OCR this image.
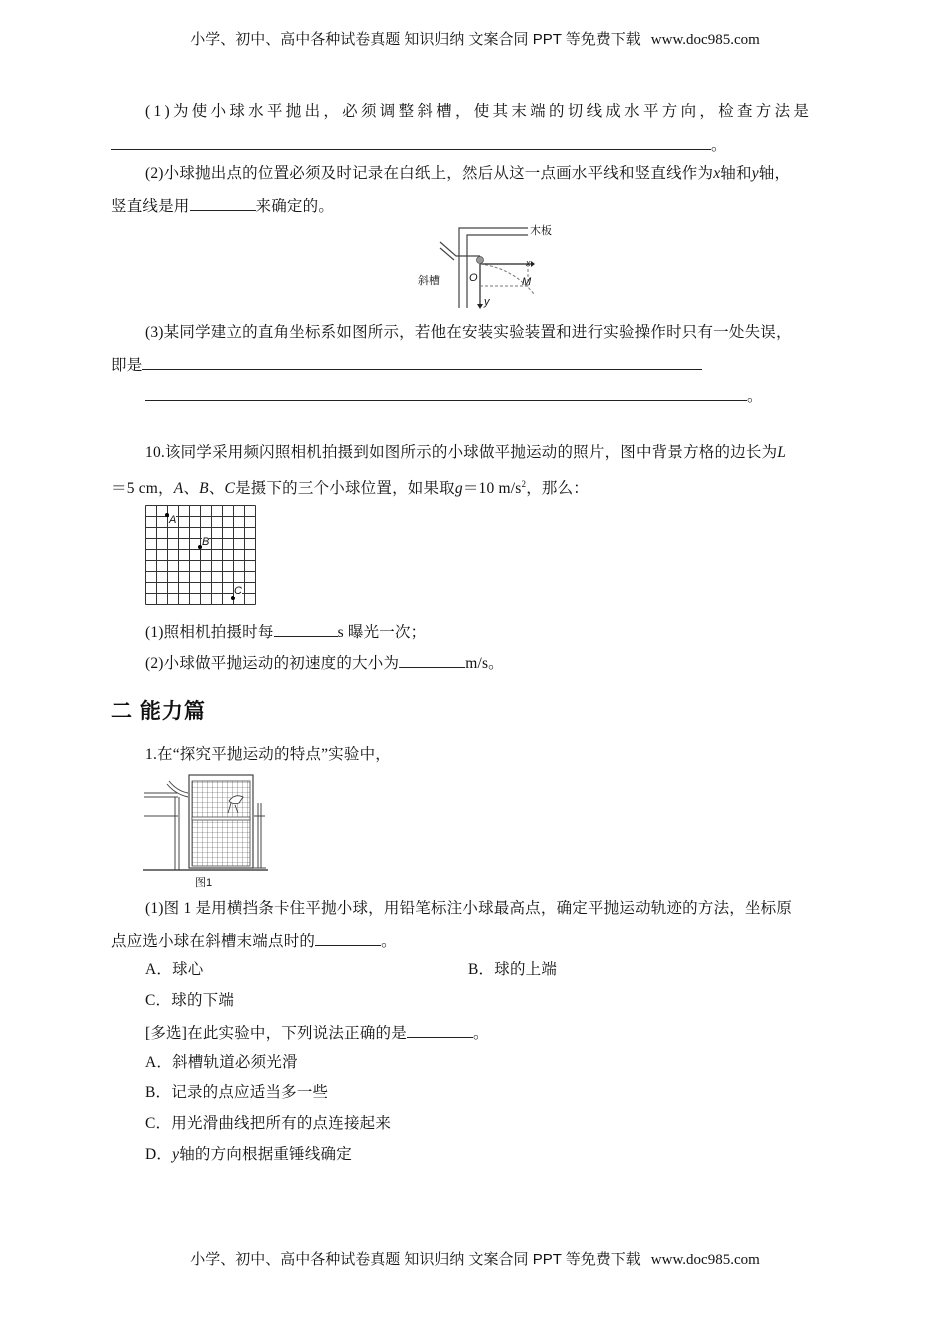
小学、初中、高中各种试卷真题 知识归纳 文案合同 PPT 等免费下载 www.doc985.com
(1)为使小球水平抛出，必须调整斜槽，使其末端的切线成水平方向，检查方法是
。
(2)小球抛出点的位置必须及时记录在白纸上，然后从这一点画水平线和竖直线作为x轴和y轴，
竖直线是用	来确定的。
木板
斜槽	O
x
y
M
(3)某同学建立的直角坐标系如图所示，若他在安装实验装置和进行实验操作时只有一处失误，
即是
。
10.该同学采用频闪照相机拍摄到如图所示的小球做平抛运动的照片，图中背景方格的边长为L
＝5 cm，A、B、C是摄下的三个小球位置，如果取g＝10 $m/s^2$，那么：
A
B
C
(1)照相机拍摄时每	s 曝光一次；
(2)小球做平抛运动的初速度的大小为	m/s。
二 能力篇
1.在“探究平抛运动的特点”实验中，
图1
(1)图 1 是用横挡条卡住平抛小球，用铅笔标注小球最高点，确定平抛运动轨迹的方法，坐标原
点应选小球在斜槽末端点时的	。
A．球心	B．球的上端
C．球的下端
[多选]在此实验中，下列说法正确的是	。
A．斜槽轨道必须光滑
B．记录的点应适当多一些
C．用光滑曲线把所有的点连接起来
D．y轴的方向根据重锤线确定
小学、初中、高中各种试卷真题 知识归纳 文案合同 PPT 等免费下载 www.doc985.com
